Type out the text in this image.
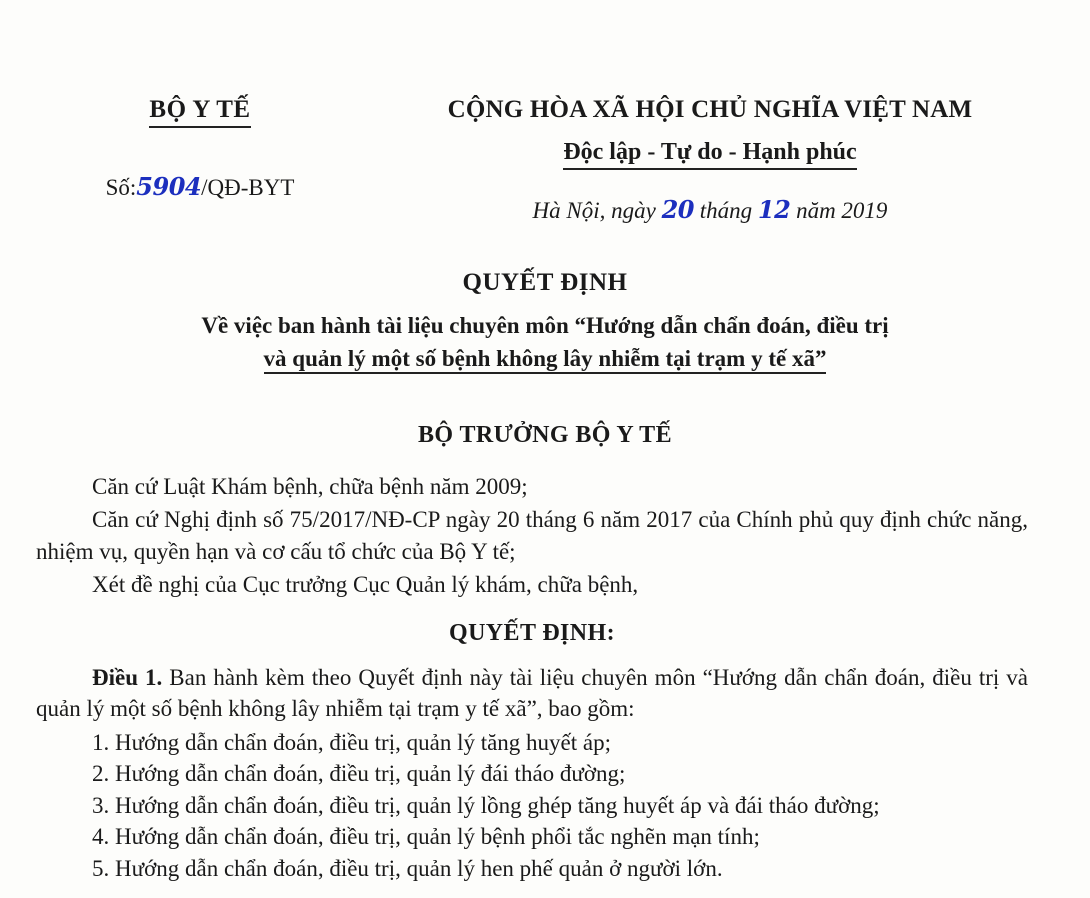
BỘ Y TẾ
Số:5904/QĐ-BYT
CỘNG HÒA XÃ HỘI CHỦ NGHĨA VIỆT NAM
Độc lập - Tự do - Hạnh phúc
Hà Nội, ngày 20 tháng 12 năm 2019
QUYẾT ĐỊNH
Về việc ban hành tài liệu chuyên môn “Hướng dẫn chẩn đoán, điều trị
và quản lý một số bệnh không lây nhiễm tại trạm y tế xã”
BỘ TRƯỞNG BỘ Y TẾ

Căn cứ Luật Khám bệnh, chữa bệnh năm 2009;

Căn cứ Nghị định số 75/2017/NĐ-CP ngày 20 tháng 6 năm 2017 của Chính phủ quy định chức năng, nhiệm vụ, quyền hạn và cơ cấu tổ chức của Bộ Y tế;

Xét đề nghị của Cục trưởng Cục Quản lý khám, chữa bệnh,

QUYẾT ĐỊNH:

Điều 1. Ban hành kèm theo Quyết định này tài liệu chuyên môn “Hướng dẫn chẩn đoán, điều trị và quản lý một số bệnh không lây nhiễm tại trạm y tế xã”, bao gồm:

1. Hướng dẫn chẩn đoán, điều trị, quản lý tăng huyết áp;

2. Hướng dẫn chẩn đoán, điều trị, quản lý đái tháo đường;

3. Hướng dẫn chẩn đoán, điều trị, quản lý lồng ghép tăng huyết áp và đái tháo đường;

4. Hướng dẫn chẩn đoán, điều trị, quản lý bệnh phổi tắc nghẽn mạn tính;

5. Hướng dẫn chẩn đoán, điều trị, quản lý hen phế quản ở người lớn.
